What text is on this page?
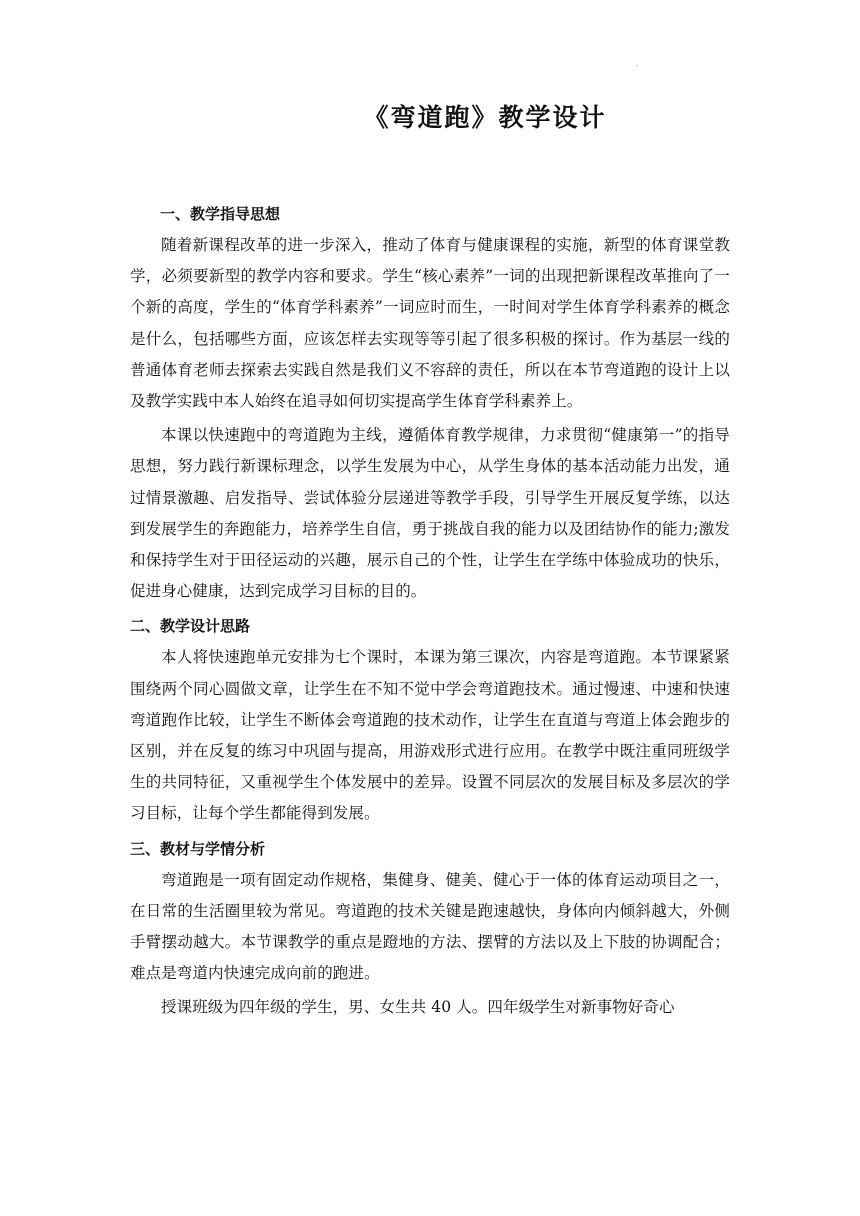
.
《弯道跑》教学设计
一、教学指导思想

随着新课程改革的进一步深入，推动了体育与健康课程的实施，新型的体育课堂教学，必须要新型的教学内容和要求。学生“核心素养”一词的出现把新课程改革推向了一个新的高度，学生的“体育学科素养”一词应时而生，一时间对学生体育学科素养的概念是什么，包括哪些方面，应该怎样去实现等等引起了很多积极的探讨。作为基层一线的普通体育老师去探索去实践自然是我们义不容辞的责任，所以在本节弯道跑的设计上以及教学实践中本人始终在追寻如何切实提高学生体育学科素养上。

本课以快速跑中的弯道跑为主线，遵循体育教学规律，力求贯彻“健康第一”的指导思想，努力践行新课标理念，以学生发展为中心，从学生身体的基本活动能力出发，通过情景激趣、启发指导、尝试体验分层递进等教学手段，引导学生开展反复学练，以达到发展学生的奔跑能力，培养学生自信，勇于挑战自我的能力以及团结协作的能力;激发和保持学生对于田径运动的兴趣，展示自己的个性，让学生在学练中体验成功的快乐，促进身心健康，达到完成学习目标的目的。

二、教学设计思路

本人将快速跑单元安排为七个课时，本课为第三课次，内容是弯道跑。本节课紧紧围绕两个同心圆做文章，让学生在不知不觉中学会弯道跑技术。通过慢速、中速和快速弯道跑作比较，让学生不断体会弯道跑的技术动作，让学生在直道与弯道上体会跑步的区别，并在反复的练习中巩固与提高，用游戏形式进行应用。在教学中既注重同班级学生的共同特征，又重视学生个体发展中的差异。设置不同层次的发展目标及多层次的学习目标，让每个学生都能得到发展。

三、教材与学情分析

弯道跑是一项有固定动作规格，集健身、健美、健心于一体的体育运动项目之一，在日常的生活圈里较为常见。弯道跑的技术关键是跑速越快，身体向内倾斜越大，外侧手臂摆动越大。本节课教学的重点是蹬地的方法、摆臂的方法以及上下肢的协调配合；难点是弯道内快速完成向前的跑进。

授课班级为四年级的学生，男、女生共 40 人。四年级学生对新事物好奇心
